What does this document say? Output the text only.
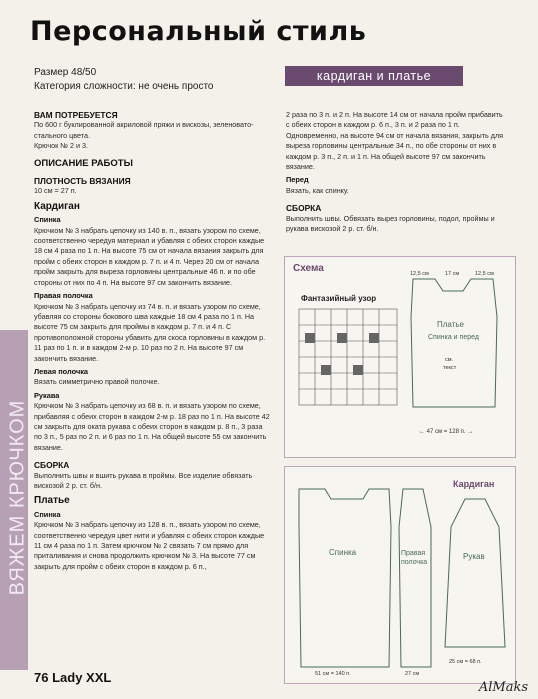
Персональный стиль
Размер 48/50
Категория сложности: не очень просто
кардиган и платье
ВЯЖЕМ КРЮЧКОМ
ВАМ ПОТРЕБУЕТСЯ

По 600 г буклированной акриловой пряжи и вискозы, зеленовато-стального цвета.

Крючок № 2 и 3.

ОПИСАНИЕ РАБОТЫ
ПЛОТНОСТЬ ВЯЗАНИЯ

10 см = 27 п.

Кардиган
Спинка

Крючком № 3 набрать цепочку из 140 в. п., вязать узором по схеме, соответственно чередуя материал и убавляя с обеих сторон каждые 18 см 4 раза по 1 п. На высоте 75 см от начала вязания закрыть для пройм с обеих сторон в каждом р. 7 п. и 4 п. Через 20 см от начала пройм закрыть для выреза горловины центральные 46 п. и по обе стороны от них по 4 п. На высоте 97 см закончить вязание.

Правая полочка

Крючком № 3 набрать цепочку из 74 в. п. и вязать узором по схеме, убавляя со стороны бокового шва каждые 18 см 4 раза по 1 п. На высоте 75 см закрыть для проймы в каждом р. 7 п. и 4 п. С противоположной стороны убавить для скоса горловины в каждом р. 11 раз по 1 п. и в каждом 2-м р. 10 раз по 2 п. На высоте 97 см закончить вязание.

Левая полочка

Вязать симметрично правой полочке.

Рукава

Крючком № 3 набрать цепочку из 68 в. п. и вязать узором по схеме, прибавляя с обеих сторон в каждом 2-м р. 18 раз по 1 п. На высоте 42 см закрыть для оката рукава с обеих сторон в каждом р. 8 п., 3 раза по 3 п., 5 раз по 2 п. и 6 раз по 1 п. На общей высоте 55 см закончить вязание.

СБОРКА

Выполнить швы и вшить рукава в проймы. Все изделие обвязать вискозой 2 р. ст. б/н.

Платье
Спинка

Крючком № 3 набрать цепочку из 128 в. п., вязать узором по схеме, соответственно чередуя цвет нити и убавляя с обеих сторон каждые 11 см 4 раза по 1 п. Затем крючком № 2 связать 7 см прямо для приталивания и снова продолжить крючком № 3. На высоте 77 см закрыть для пройм с обеих сторон в каждом р. 6 п.,

2 раза по 3 п. и 2 п. На высоте 14 см от начала пройм прибавить с обеих сторон в каждом р. 6 п., 3 п. и 2 раза по 1 п. Одновременно, на высоте 94 см от начала вязания, закрыть для выреза горловины центральные 34 п., по обе стороны от них в каждом р. 3 п., 2 п. и 1 п. На общей высоте 97 см закончить вязание.

Перед

Вязать, как спинку.

СБОРКА

Выполнить швы. Обвязать вырез горловины, подол, проймы и рукава вискозой 2 р. ст. б/н.

Схема
Фантазийный узор
12,5 см	17 см	12,5 см
Платье
Спинка и перед
см.
текст
← 47 см = 128 п. →
Спинка
51 см = 140 п.
Правая
полочка
27 см
Кардиган
Рукав
25 см = 68 п.
76 Lady XXL
AlMaks
